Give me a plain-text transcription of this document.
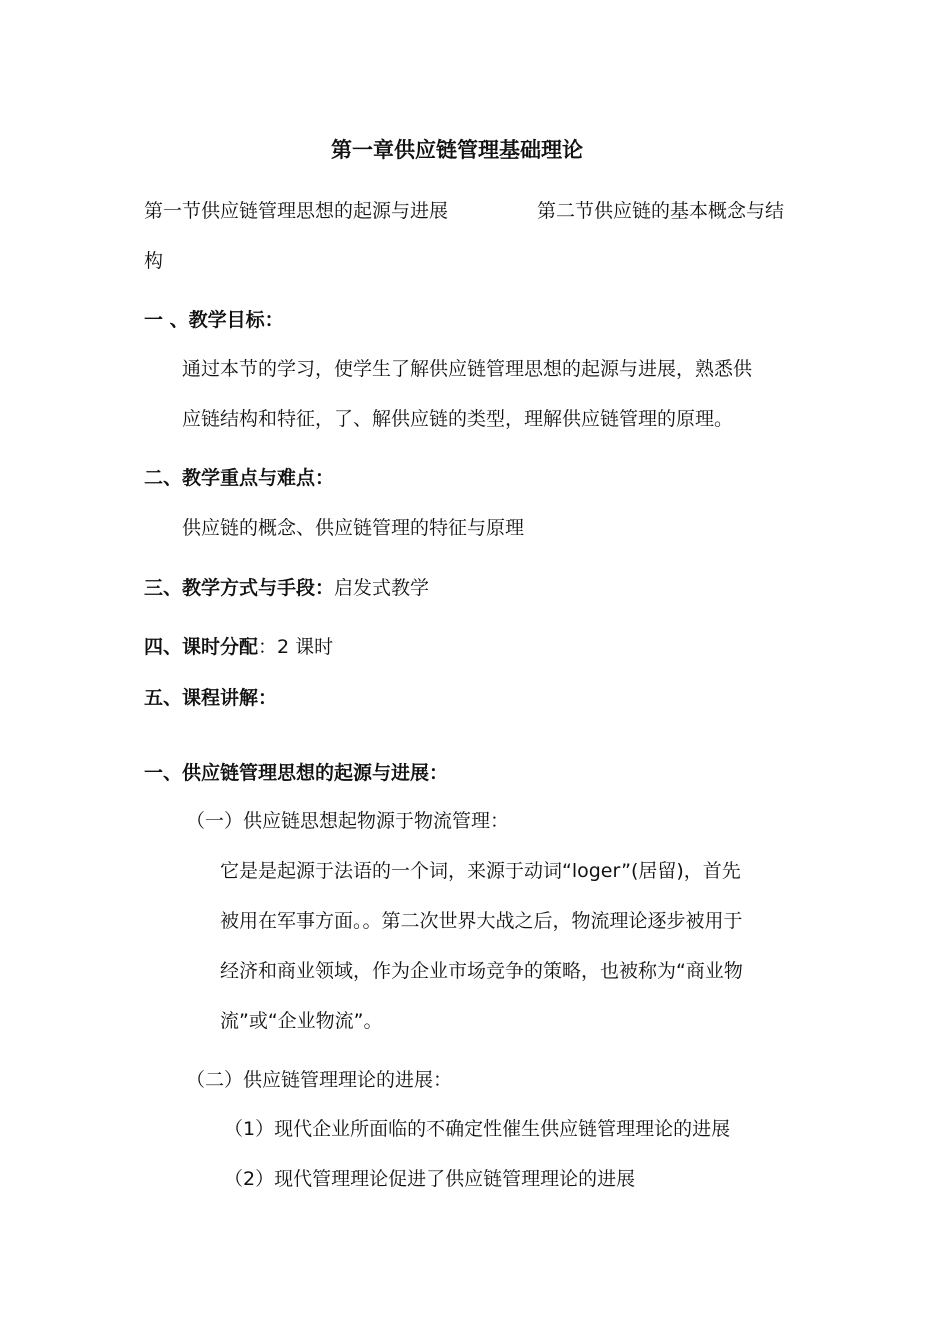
第一章供应链管理基础理论
第一节供应链管理思想的起源与进展	第二节供应链的基本概念与结
构
一 、教学目标：
通过本节的学习，使学生了解供应链管理思想的起源与进展，熟悉供
应链结构和特征，了、解供应链的类型，理解供应链管理的原理。
二、教学重点与难点：
供应链的概念、供应链管理的特征与原理
三、教学方式与手段：启发式教学
四、课时分配：2 课时
五、课程讲解：
一、供应链管理思想的起源与进展：
（一）供应链思想起物源于物流管理：
它是是起源于法语的一个词，来源于动词“loger”(居留)，首先
被用在军事方面。。第二次世界大战之后，物流理论逐步被用于
经济和商业领域，作为企业市场竞争的策略，也被称为“商业物
流”或“企业物流”。
（二）供应链管理理论的进展：
（1）现代企业所面临的不确定性催生供应链管理理论的进展
（2）现代管理理论促进了供应链管理理论的进展
